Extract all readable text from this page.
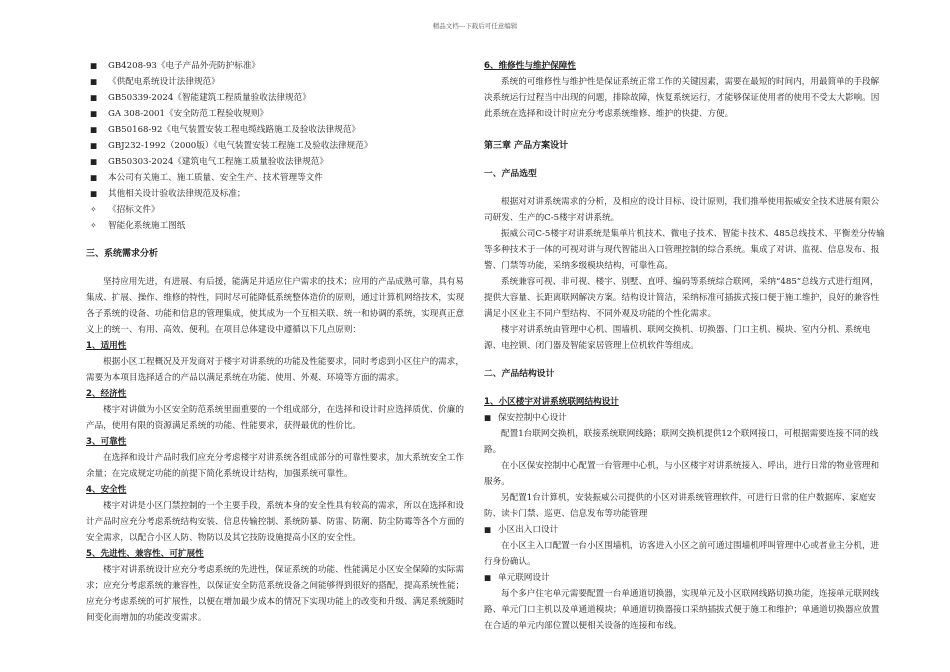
精品文档---下载后可任意编辑
■ GB4208-93《电子产品外壳防护标准》
■ 《供配电系统设计法律规范》
■ GB50339-2024《智能建筑工程质量验收法律规范》
■ GA 308-2001《安全防范工程验收规则》
■ GB50168-92《电气装置安装工程电缆线路施工及验收法律规范》
■ GBJ232-1992（2000版）《电气装置安装工程施工及验收法律规范》
■ GB50303-2024《建筑电气工程施工质量验收法律规范》
■ 本公司有关施工、施工质量、安全生产、技术管理等文件
■ 其他相关设计验收法律规范及标准；
✧ 《招标文件》
✧ 智能化系统施工图纸

三、系统需求分析

坚持应用先进，有进展、有后援，能满足并适应住户需求的技术；应用的产品成熟可靠，具有易集成、扩展、操作、维修的特性，同时尽可能降低系统整体造价的原则，通过计算机网络技术，实现各子系统的设备、功能和信息的管理集成，使其成为一个互相关联、统一和协调的系统，实现真正意义上的统一、有用、高效、便利。在项目总体建设中遵循以下几点原则：

1、适用性

根据小区工程概况及开发商对于楼宇对讲系统的功能及性能要求，同时考虑到小区住户的需求，需要为本项目选择适合的产品以满足系统在功能、使用、外观、环境等方面的需求。

2、经济性

楼宇对讲做为小区安全防范系统里面重要的一个组成部分，在选择和设计时应选择质优、价廉的产品，使用有限的资源满足系统的功能、性能要求，获得最优的性价比。

3、可靠性

在选择和设计产品时我们应充分考虑楼宇对讲系统各组成部分的可靠性要求，加大系统安全工作余量；在完成规定功能的前提下简化系统设计结构，加强系统可靠性。

4、安全性

楼宇对讲是小区门禁控制的一个主要手段，系统本身的安全性具有较高的需求，所以在选择和设计产品时应充分考虑系统结构安装、信息传输控制、系统防暴、防雷、防潮、防尘防霉等各个方面的安全需求，以配合小区人防、物防以及其它技防设施提高小区的安全性。

5、先进性、兼容性、可扩展性

楼宇对讲系统设计应充分考虑系统的先进性，保证系统的功能、性能满足小区安全保障的实际需求；应充分考虑系统的兼容性，以保证安全防范系统设备之间能够得到很好的搭配，提高系统性能；应充分考虑系统的可扩展性，以便在增加最少成本的情况下实现功能上的改变和升级、满足系统随时间变化而增加的功能改变需求。

6、维修性与维护保障性

系统的可维修性与维护性是保证系统正常工作的关键因素，需要在最短的时间内，用最简单的手段解决系统运行过程当中出现的问题，排除故障，恢复系统运行，才能够保证使用者的使用不受太大影响。因此系统在选择和设计时应充分考虑系统维修、维护的快捷、方便。

第三章 产品方案设计

一、产品选型

根据对对讲系统需求的分析，及相应的设计目标、设计原则，我们推举使用振威安全技术进展有限公司研发、生产的C-5楼宇对讲系统。

振威公司C-5楼宇对讲系统是集单片机技术、微电子技术、智能卡技术、485总线技术、平衡差分传输等多种技术于一体的可视对讲与现代智能出入口管理控制的综合系统。集成了对讲、监视、信息发布、报警、门禁等功能，采纳多级模块结构，可靠性高。

系统兼容可视、非可视、楼宇、别墅、直呼、编码等系统综合联网，采纳“485”总线方式进行组网，提供大容量、长距离联网解决方案。结构设计简洁，采纳标准可插拔式接口便于施工维护，良好的兼容性满足小区业主不同户型结构、不同外观及功能的个性化需求。

楼宇对讲系统由管理中心机、围墙机、联网交换机、切换器、门口主机、模块、室内分机、系统电源、电控锁、闭门器及智能家居管理上位机软件等组成。

二、产品结构设计

1、小区楼宇对讲系统联网结构设计

■ 保安控制中心设计

配置1台联网交换机，联接系统联网线路；联网交换机提供12个联网接口，可根据需要连接不同的线路。

在小区保安控制中心配置一台管理中心机，与小区楼宇对讲系统接入、呼出，进行日常的物业管理和服务。

另配置1台计算机，安装振威公司提供的小区对讲系统管理软件，可进行日常的住户数据库、家庭安防、读卡门禁、巡更、信息发布等功能管理

■ 小区出入口设计

在小区主入口配置一台小区围墙机，访客进入小区之前可通过围墙机呼叫管理中心或者业主分机，进行身份确认。

■ 单元联网设计

每个多户住宅单元需要配置一台单通道切换器，实现单元及小区联网线路切换功能，连接单元联网线路、单元门口主机以及单通道模块；单通道切换器接口采纳插拔式便于施工和维护；单通道切换器应放置在合适的单元内部位置以便相关设备的连接和布线。
